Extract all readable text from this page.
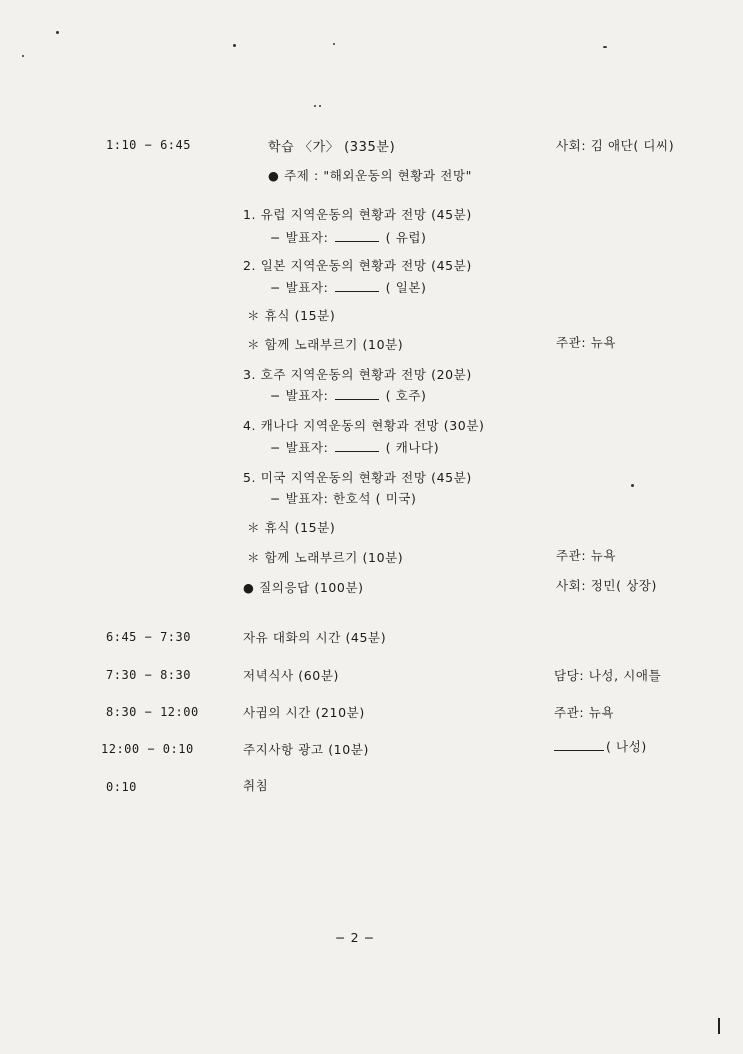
1:10 − 6:45	학습 〈가〉 (335분)	사회: 김 애단( 디씨)
● 주제 : "해외운동의 현황과 전망"
1. 유럽 지역운동의 현황과 전망 (45분)
− 발표자:	( 유럽)
2. 일본 지역운동의 현황과 전망 (45분)
− 발표자:	( 일본)
＊ 휴식 (15분)
＊ 함께 노래부르기 (10분)	주관: 뉴욕
3. 호주 지역운동의 현황과 전망 (20분)
− 발표자:	( 호주)
4. 캐나다 지역운동의 현황과 전망 (30분)
− 발표자:	( 캐나다)
5. 미국 지역운동의 현황과 전망 (45분)
− 발표자: 한호석 ( 미국)
＊ 휴식 (15분)
＊ 함께 노래부르기 (10분)	주관: 뉴욕
● 질의응답 (100분)	사회: 정민( 상장)
6:45 − 7:30	자유 대화의 시간 (45분)
7:30 − 8:30	저녁식사 (60분)	담당: 나성, 시애틀
8:30 − 12:00	사귐의 시간 (210분)	주관: 뉴욕
12:00 − 0:10	주지사항 광고 (10분)	( 나성)
0:10	취침
− 2 −
